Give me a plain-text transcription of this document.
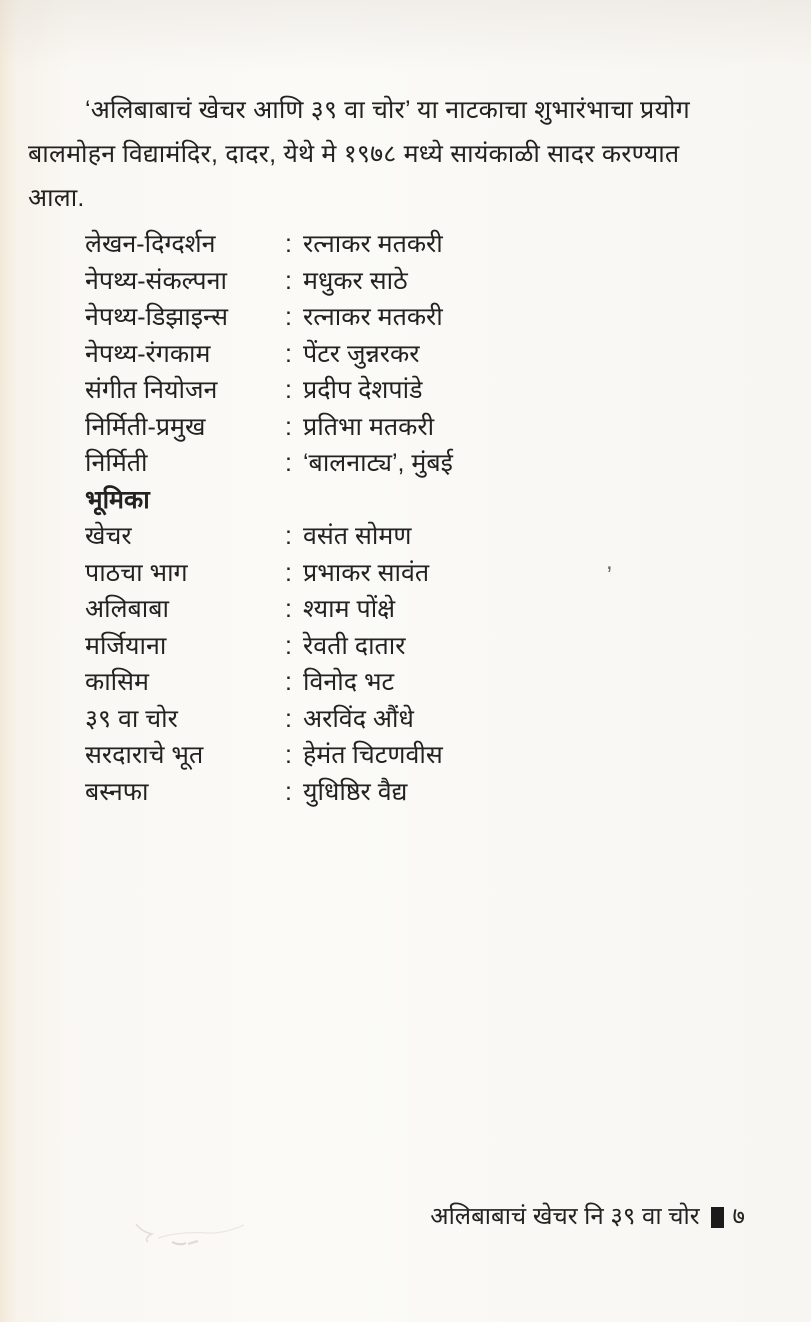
‘अलिबाबाचं खेचर आणि ३९ वा चोर’ या नाटकाचा शुभारंभाचा प्रयोग
बालमोहन विद्यामंदिर, दादर, येथे मे १९७८ मध्ये सायंकाळी सादर करण्यात
आला.
लेखन-दिग्दर्शन	: रत्नाकर मतकरी
नेपथ्य-संकल्पना	: मधुकर साठे
नेपथ्य-डिझाइन्स	: रत्नाकर मतकरी
नेपथ्य-रंगकाम	: पेंटर जुन्नरकर
संगीत नियोजन	: प्रदीप देशपांडे
निर्मिती-प्रमुख	: प्रतिभा मतकरी
निर्मिती	: ‘बालनाट्य’, मुंबई
भूमिका
खेचर	: वसंत सोमण
पाठचा भाग	: प्रभाकर सावंत
अलिबाबा	: श्याम पोंक्षे
मर्जियाना	: रेवती दातार
कासिम	: विनोद भट
३९ वा चोर	: अरविंद औंधे
सरदाराचे भूत	: हेमंत चिटणवीस
बस्नफा	: युधिष्ठिर वैद्य
,
अलिबाबाचं खेचर नि ३९ वा चोर ७
